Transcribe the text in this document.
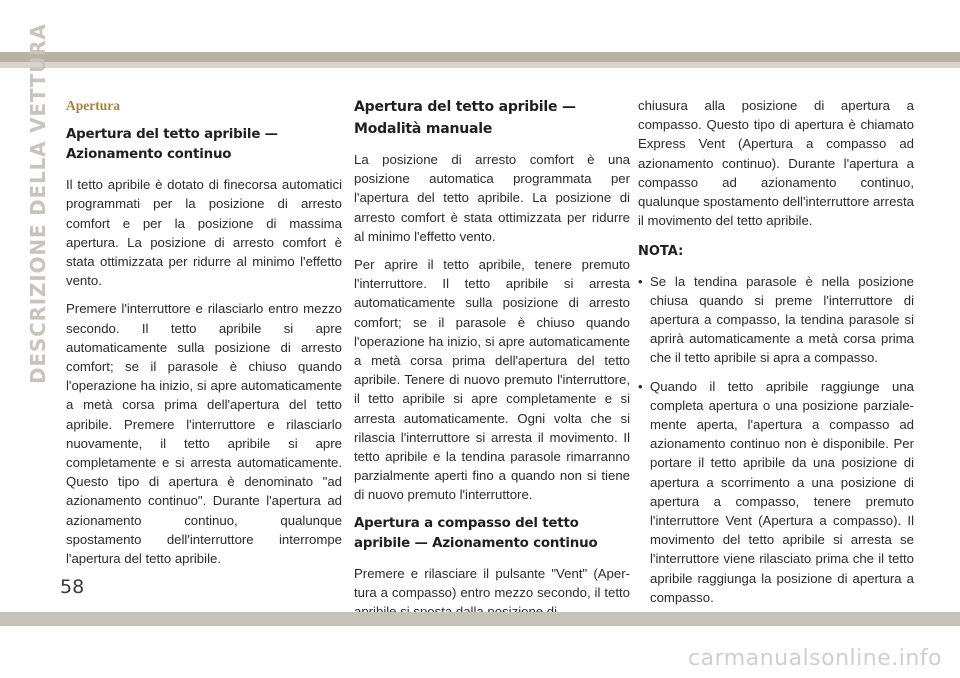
DESCRIZIONE DELLA VETTURA Apertura
Apertura del tetto apribile — Azionamento continuo

Il tetto apribile è dotato di finecorsa automatici programmati per la posizione di arresto comfort e per la posizione di massima apertura. La posizione di arresto comfort è stata ottimizzata per ridurre al minimo l'effetto vento.

Premere l'interruttore e rilasciarlo entro mezzo secondo. Il tetto apribile si apre automaticamente sulla posizione di arresto comfort; se il parasole è chiuso quando l'operazione ha inizio, si apre automaticamente a metà corsa prima dell'apertura del tetto apribile. Premere l'interruttore e rilasciarlo nuovamente, il tetto apribile si apre completamente e si arresta automaticamente. Questo tipo di apertura è denominato "ad azionamento continuo". Durante l'apertura ad azionamento continuo, qualunque spostamento dell'interruttore interrompe l'apertura del tetto apribile.

Apertura del tetto apribile — Modalità manuale

La posizione di arresto comfort è una posizione automatica programmata per l'apertura del tetto apribile. La posizione di arresto comfort è stata ottimizzata per ridurre al minimo l'effetto vento.

Per aprire il tetto apribile, tenere premuto l'interruttore. Il tetto apribile si arresta automaticamente sulla posizione di arresto comfort; se il parasole è chiuso quando l'operazione ha inizio, si apre automaticamente a metà corsa prima dell'apertura del tetto apribile. Tenere di nuovo premuto l'interruttore, il tetto apribile si apre completamente e si arresta automaticamente. Ogni volta che si rilascia l'interruttore si arresta il movimento. Il tetto apribile e la tendina parasole rimarranno parzialmente aperti fino a quando non si tiene di nuovo premuto l'interruttore.

Apertura a compasso del tetto apribile — Azionamento continuo

Premere e rilasciare il pulsante "Vent" (Apertura a compasso) entro mezzo secondo, il tetto

chiusura alla posizione di apertura a compasso. Questo tipo di apertura è chiamato Express Vent (Apertura a compasso ad azionamento continuo). Durante l'apertura a compasso ad azionamento continuo, qualunque spostamento dell'interruttore arresta il movimento del tetto apribile.

NOTA:
• Se la tendina parasole è nella posizione chiusa quando si preme l'interruttore di apertura a compasso, la tendina parasole si aprirà automaticamente a metà corsa prima che il tetto apribile si apra a compasso.
• Quando il tetto apribile raggiunge una completa apertura o una posizione parzialemente aperta, l'apertura a compasso ad azionamento continuo non è disponibile. Per portare il tetto apribile da una posizione di apertura a scorrimento a una posizione di apertura a compasso, tenere premuto l'interruttore Vent (Apertura a compasso). Il movimento del tetto apribile si arresta se l'interruttore viene rilasciato prima che il tetto apribile raggiunga la posizione di apertura a compasso.
58
carmanualsonline.info
